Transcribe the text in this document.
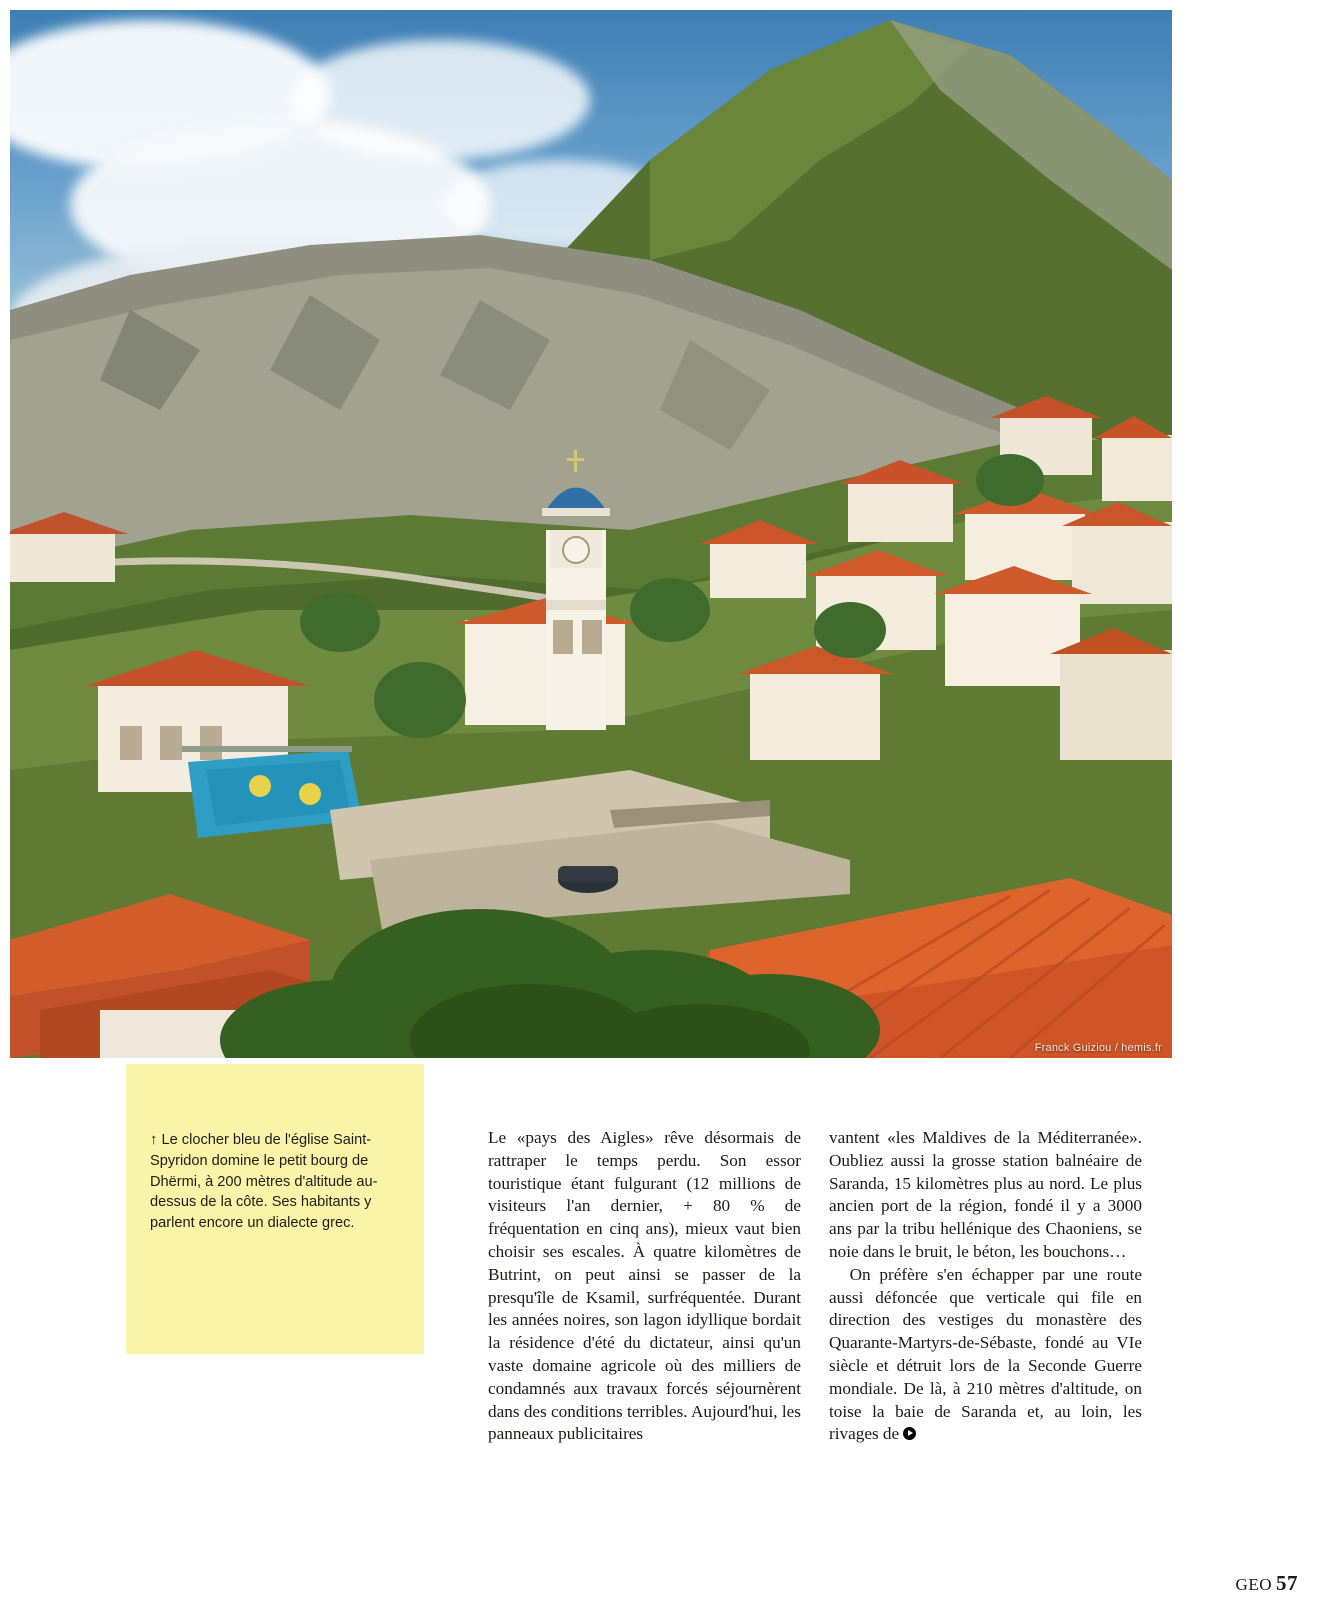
Franck Guiziou / hemis.fr
↑ Le clocher bleu de l'église Saint-Spyridon domine le petit bourg de Dhërmi, à 200 mètres d'altitude au-dessus de la côte. Ses habitants y parlent encore un dialecte grec.

Le «pays des Aigles» rêve désormais de rattraper le temps perdu. Son essor touristique étant fulgurant (12 millions de visiteurs l'an dernier, + 80 % de fréquentation en cinq ans), mieux vaut bien choisir ses escales. À quatre kilomètres de Butrint, on peut ainsi se passer de la presqu'île de Ksamil, surfréquentée. Durant les années noires, son lagon idyllique bordait la résidence d'été du dictateur, ainsi qu'un vaste domaine agricole où des milliers de condamnés aux travaux forcés séjournèrent dans des conditions terribles. Aujourd'hui, les panneaux publicitaires

vantent «les Maldives de la Méditerranée». Oubliez aussi la grosse station balnéaire de Saranda, 15 kilomètres plus au nord. Le plus ancien port de la région, fondé il y a 3000 ans par la tribu hellénique des Chaoniens, se noie dans le bruit, le béton, les bouchons…

On préfère s'en échapper par une route aussi défoncée que verticale qui file en direction des vestiges du monastère des Quarante-Martyrs-de-Sébaste, fondé au VIe siècle et détruit lors de la Seconde Guerre mondiale. De là, à 210 mètres d'altitude, on toise la baie de Saranda et, au loin, les rivages de

GEO 57
